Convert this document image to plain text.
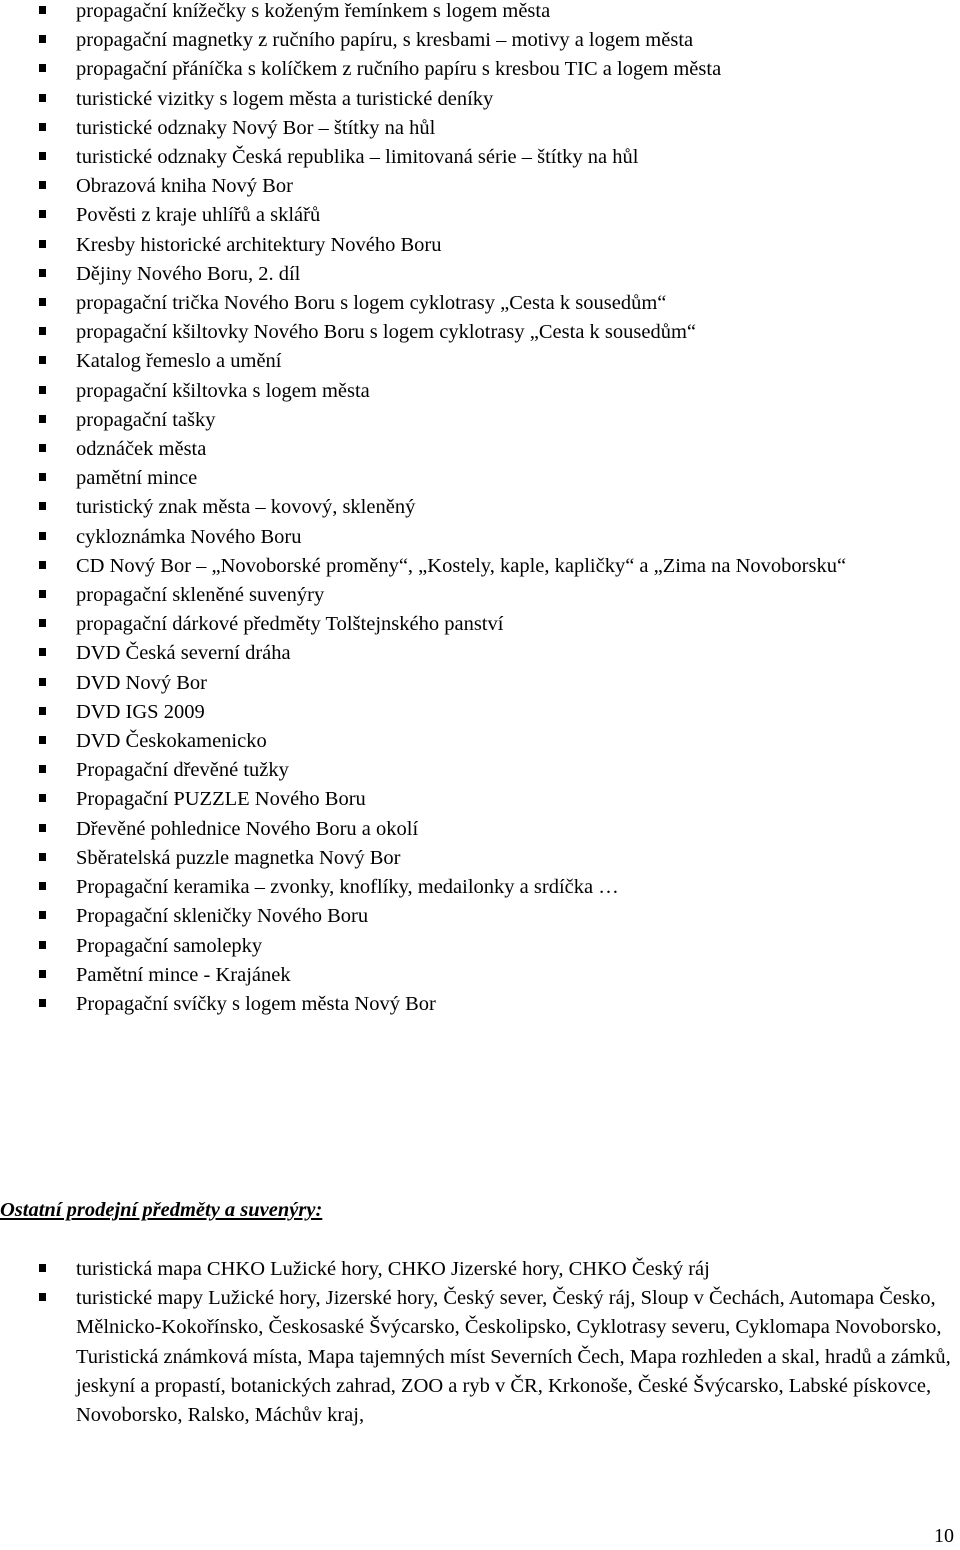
propagační knížečky s koženým řemínkem s logem města
propagační magnetky z ručního papíru, s kresbami – motivy a logem města
propagační přáníčka s kolíčkem z ručního papíru s kresbou TIC a logem města
turistické vizitky s logem města a turistické deníky
turistické odznaky Nový Bor – štítky na hůl
turistické odznaky Česká republika – limitovaná série – štítky na hůl
Obrazová kniha Nový Bor
Pověsti z kraje uhlířů a sklářů
Kresby historické architektury Nového Boru
Dějiny Nového Boru, 2. díl
propagační trička Nového Boru s logem cyklotrasy „Cesta k sousedům“
propagační kšiltovky Nového Boru s logem cyklotrasy „Cesta k sousedům“
Katalog řemeslo a umění
propagační kšiltovka s logem města
propagační tašky
odznáček města
pamětní mince
turistický znak města – kovový, skleněný
cykloznámka Nového Boru
CD Nový Bor – „Novoborské proměny“, „Kostely, kaple, kapličky“ a „Zima na Novoborsku“
propagační skleněné suvenýry
propagační dárkové předměty Tolštejnského panství
DVD Česká severní dráha
DVD Nový Bor
DVD IGS 2009
DVD Českokamenicko
Propagační dřevěné tužky
Propagační PUZZLE Nového Boru
Dřevěné pohlednice Nového Boru a okolí
Sběratelská puzzle magnetka Nový Bor
Propagační keramika – zvonky, knoflíky, medailonky a srdíčka …
Propagační skleničky Nového Boru
Propagační samolepky
Pamětní mince - Krajánek
Propagační svíčky s logem města Nový Bor
Ostatní prodejní předměty a suvenýry:
turistická mapa CHKO Lužické hory, CHKO Jizerské hory, CHKO Český ráj
turistické mapy Lužické hory, Jizerské hory, Český sever, Český ráj, Sloup v Čechách, Automapa Česko, Mělnicko-Kokořínsko, Českosaské Švýcarsko, Českolipsko, Cyklotrasy severu, Cyklomapa Novoborsko, Turistická známková místa, Mapa tajemných míst Severních Čech, Mapa rozhleden a skal, hradů a zámků, jeskyní a propastí, botanických zahrad, ZOO a ryb v ČR, Krkonoše, České Švýcarsko, Labské pískovce, Novoborsko, Ralsko, Máchův kraj,
10
